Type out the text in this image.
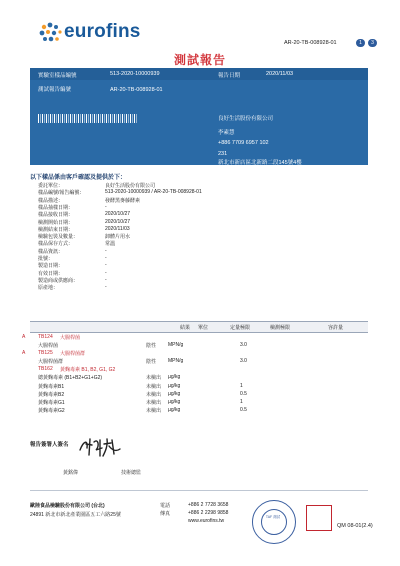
eurofins
AR-20-TB-008928-01	1	3
測試報告
實驗室樣品編號	513-2020-10000939	報告日期	2020/11/03
測試報告編號	AR-20-TB-008928-01
良好生活股份有限公司
李素慧
+886 7709 6957 102
231
新北市新店區北新路二段145號4樓
以下樣品係由客戶確認及提供於下：
委託單位：	良好生活股份有限公司
樣品編號/報告編號：	513-2020-10000939 / AR-20-TB-008928-01
樣品描述：	發酵黑麥藤酵素
樣品抽樣日期：	-
樣品接收日期：	2020/10/27
檢測開始日期：	2020/10/27
檢測結束日期：	2020/11/03
檢驗包裝及數量：	卸體片用水
樣品保存方式：	常溫
樣品資訊：	-
批號：	-
製造日期：	-
有效日期：	-
製造商或供應商：	-
原產地：	-
結果 單位	定量極限	檢測極限	容許量
A	TB124 大腸桿菌
大腸桿菌	陰性 MPN/g	3.0
A	TB125 大腸桿菌群
大腸桿菌群	陰性 MPN/g	3.0
TB162 黃麴毒素 B1, B2, G1, G2
總黃麴毒素 (B1+B2+G1+G2)	未檢出 µg/kg
黃麴毒素B1	未檢出 µg/kg	1
黃麴毒素B2	未檢出 µg/kg	0.5
黃麴毒素G1	未檢出 µg/kg	1
黃麴毒素G2	未檢出 µg/kg	0.5
報告簽署人簽名
黃銘偉	技術總監
歐陸食品檢驗股份有限公司 (台北)
24891 新北市新北產業園區五工六路25號
電話	+886 2 7728 3658
傳真	+886 2 2298 9858
www.eurofins.tw
TAF 測試
QM 08-01(2.4)
